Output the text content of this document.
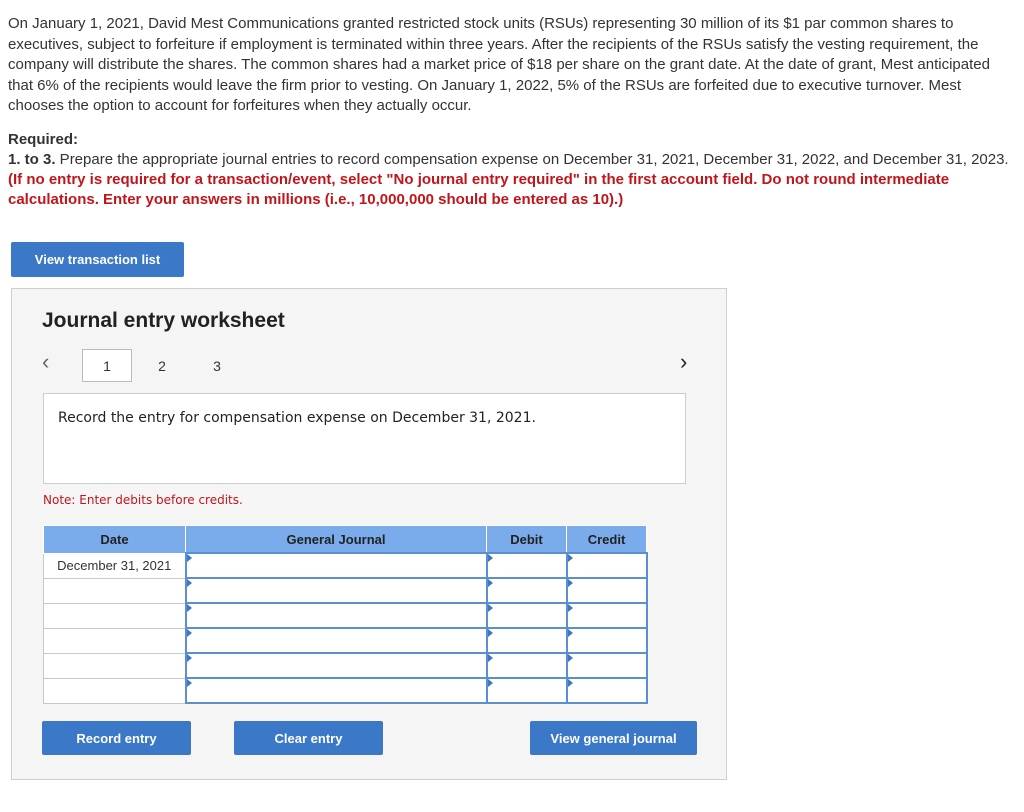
On January 1, 2021, David Mest Communications granted restricted stock units (RSUs) representing 30 million of its $1 par common shares to executives, subject to forfeiture if employment is terminated within three years. After the recipients of the RSUs satisfy the vesting requirement, the company will distribute the shares. The common shares had a market price of $18 per share on the grant date. At the date of grant, Mest anticipated that 6% of the recipients would leave the firm prior to vesting. On January 1, 2022, 5% of the RSUs are forfeited due to executive turnover. Mest chooses the option to account for forfeitures when they actually occur.
Required:
1. to 3. Prepare the appropriate journal entries to record compensation expense on December 31, 2021, December 31, 2022, and December 31, 2023. (If no entry is required for a transaction/event, select "No journal entry required" in the first account field. Do not round intermediate calculations. Enter your answers in millions (i.e., 10,000,000 should be entered as 10).)
View transaction list
Journal entry worksheet
‹	1	2	3	›
Record the entry for compensation expense on December 31, 2021.
Note: Enter debits before credits.
Date	General Journal	Debit	Credit
December 31, 2021			

Record entry	Clear entry	View general journal
